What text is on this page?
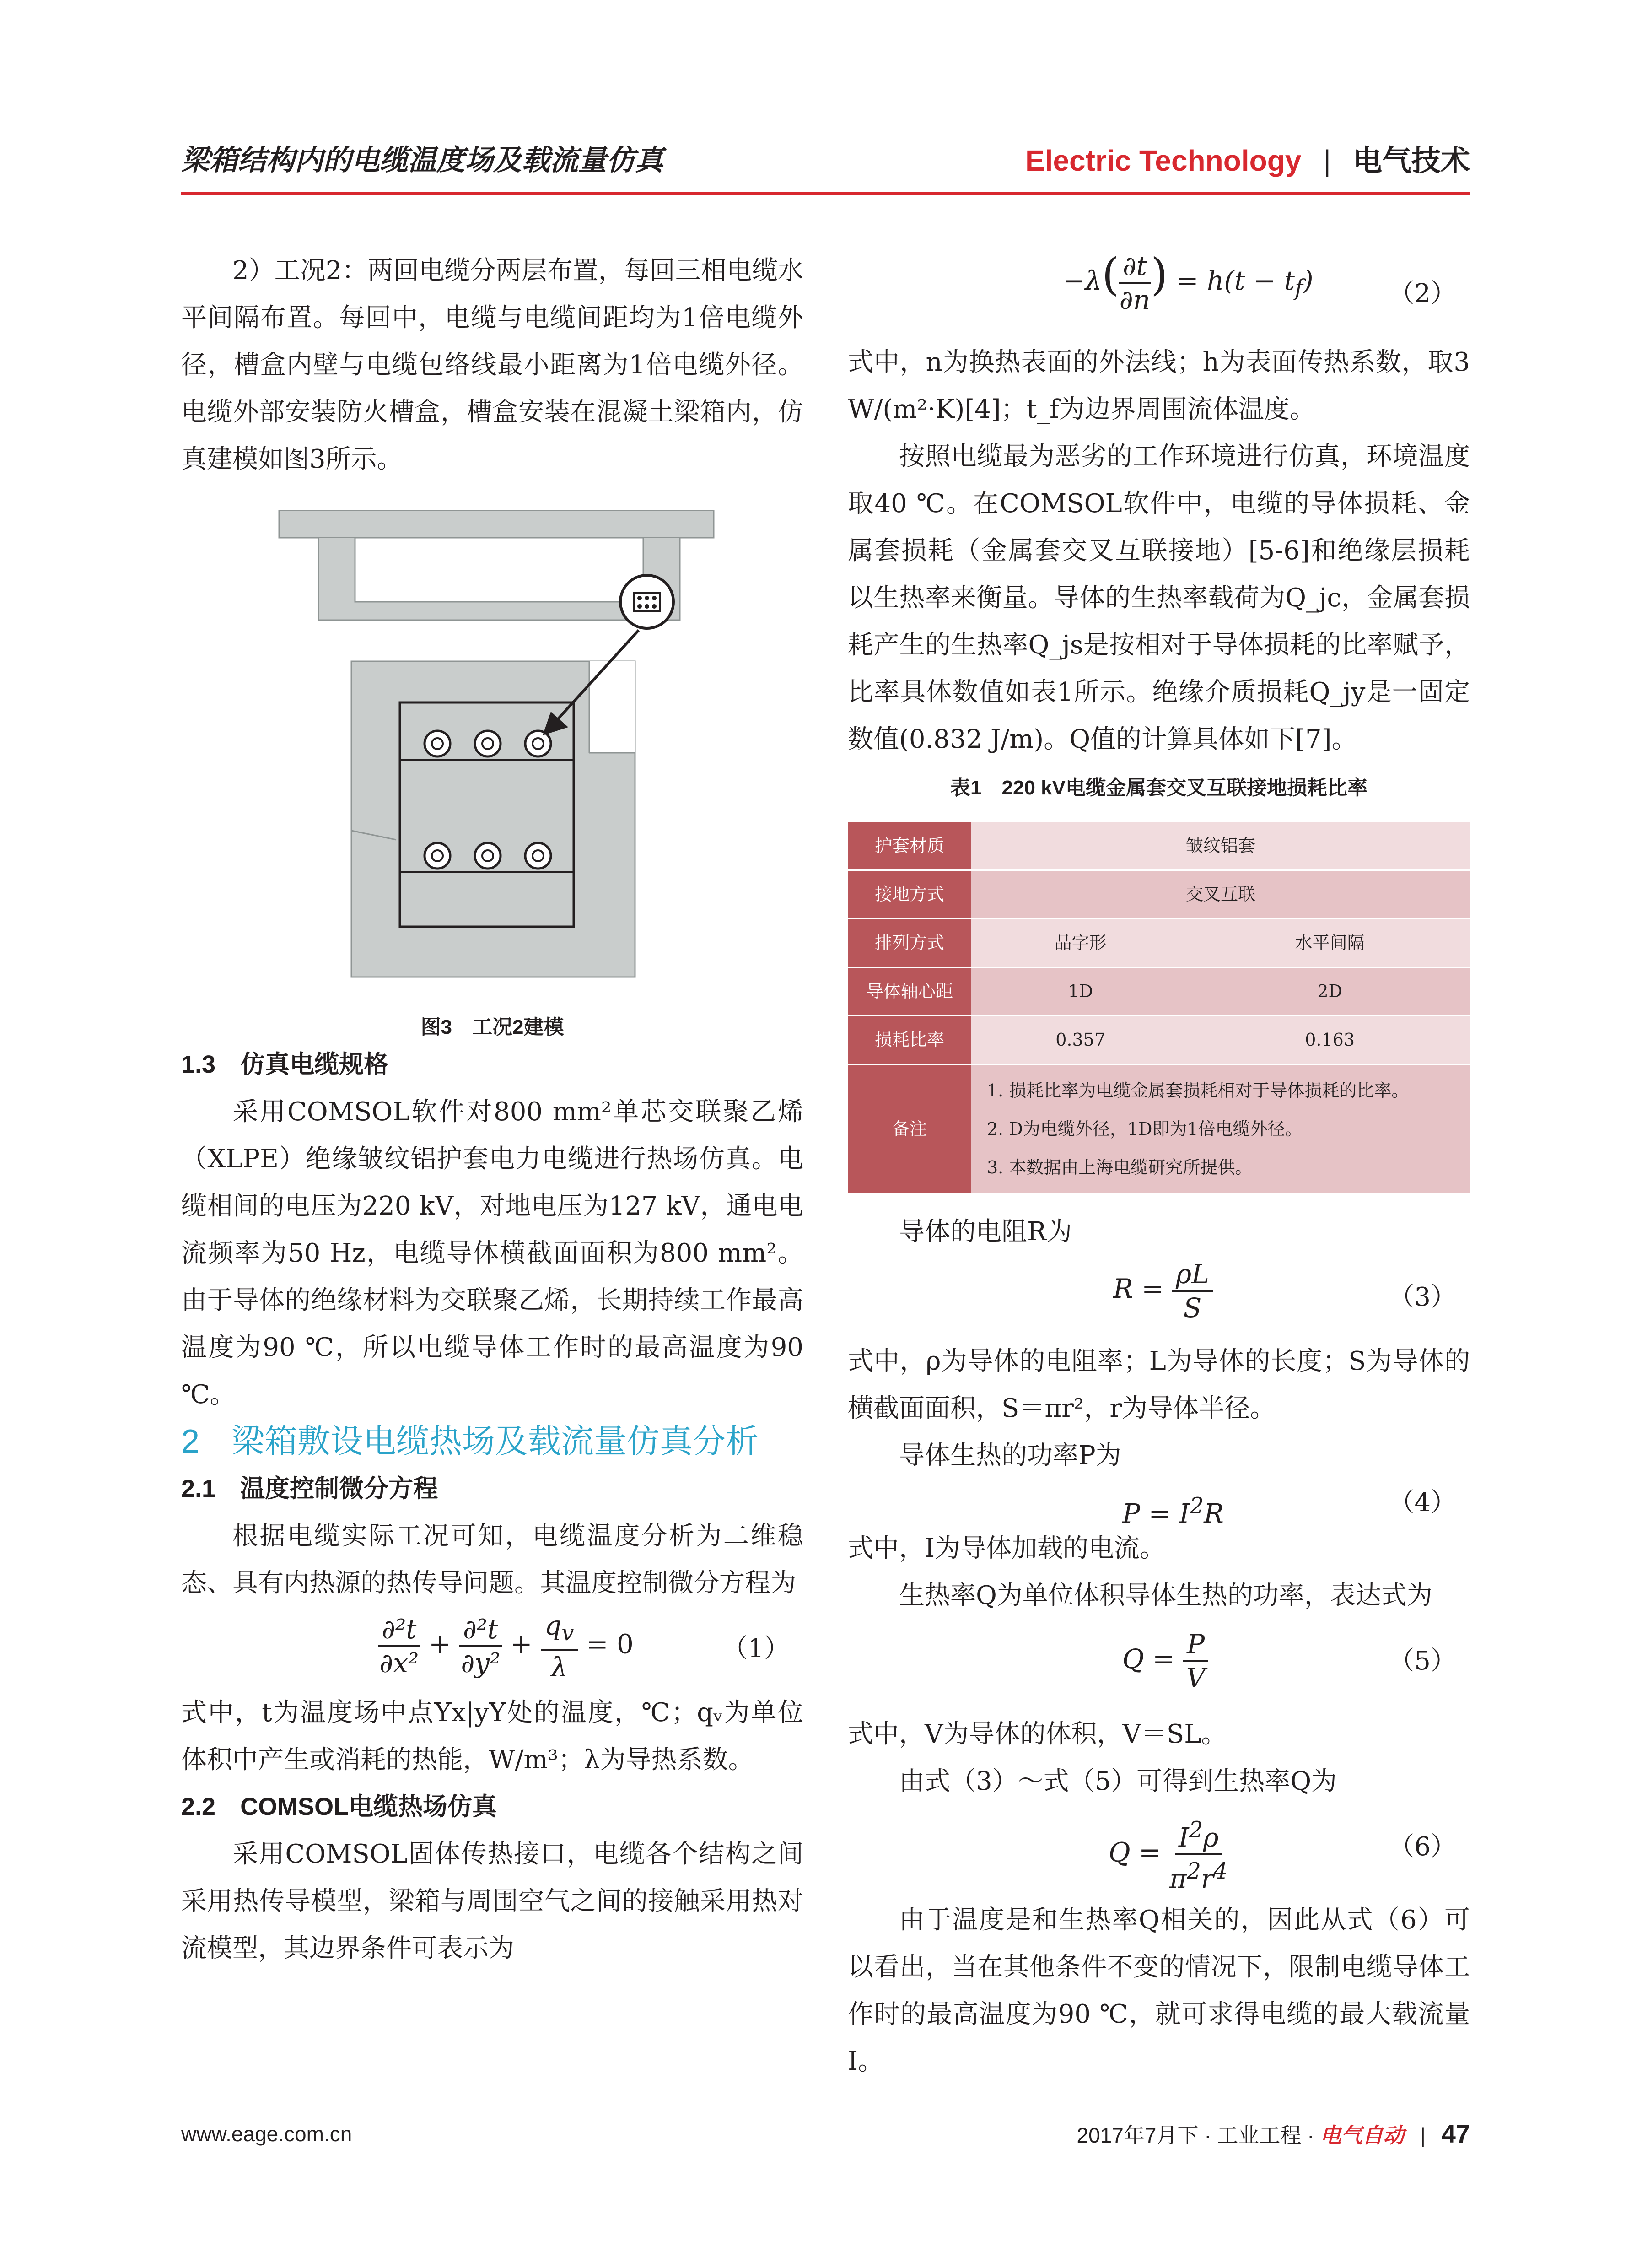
梁箱结构内的电缆温度场及载流量仿真	Electric Technology | 电气技术

2）工况2：两回电缆分两层布置，每回三相电缆水平间隔布置。每回中，电缆与电缆间距均为1倍电缆外径，槽盒内壁与电缆包络线最小距离为1倍电缆外径。电缆外部安装防火槽盒，槽盒安装在混凝土梁箱内，仿真建模如图3所示。

图3　工况2建模

1.3　仿真电缆规格

采用COMSOL软件对800 mm²单芯交联聚乙烯（XLPE）绝缘皱纹铝护套电力电缆进行热场仿真。电缆相间的电压为220 kV，对地电压为127 kV，通电电流频率为50 Hz，电缆导体横截面面积为800 mm²。由于导体的绝缘材料为交联聚乙烯，长期持续工作最高温度为90 ℃，所以电缆导体工作时的最高温度为90 ℃。

2 梁箱敷设电缆热场及载流量仿真分析

2.1　温度控制微分方程

根据电缆实际工况可知，电缆温度分析为二维稳态、具有内热源的热传导问题。其温度控制微分方程为

$\frac{\text{∂²t}}{\text{∂x²}} + \frac{\text{∂²t}}{\text{∂y²}} + \frac{q_v}{\lambda} = 0$	（1）

式中，t为温度场中点Yx|yY处的温度，℃；qᵥ为单位体积中产生或消耗的热能，W/m³；λ为导热系数。

2.2　COMSOL电缆热场仿真

采用COMSOL固体传热接口，电缆各个结构之间采用热传导模型，梁箱与周围空气之间的接触采用热对流模型，其边界条件可表示为

$-\lambda( \frac{\partial t}{\partial n}$ ) = $h(t - t_f)$	（2）

式中，n为换热表面的外法线；h为表面传热系数，取3 W/(m²·K)[4]；t_f为边界周围流体温度。

按照电缆最为恶劣的工作环境进行仿真，环境温度取40 ℃。在COMSOL软件中，电缆的导体损耗、金属套损耗（金属套交叉互联接地）[5-6]和绝缘层损耗以生热率来衡量。导体的生热率载荷为Q_jc，金属套损耗产生的生热率Q_js是按相对于导体损耗的比率赋予，比率具体数值如表1所示。绝缘介质损耗Q_jy是一固定数值(0.832 J/m)。Q值的计算具体如下[7]。

表1　220 kV电缆金属套交叉互联接地损耗比率

护套材质	皱纹铝套	
接地方式	交叉互联	
排列方式	品字形	水平间隔
导体轴心距	1D	2D
损耗比率	0.357	0.163
备注	1. 损耗比率为电缆金属套损耗相对于导体损耗的比率。
2. D为电缆外径，1D即为1倍电缆外径。
3. 本数据由上海电缆研究所提供。	

导体的电阻R为

$R = \frac{\rho L}{S}$	（3）

式中，ρ为导体的电阻率；L为导体的长度；S为导体的横截面面积，S＝πr²，r为导体半径。

导体生热的功率P为

$P = I^2R$	（4）

式中，I为导体加载的电流。

生热率Q为单位体积导体生热的功率，表达式为

$Q = \frac{P}{V}$	（5）

式中，V为导体的体积，V＝SL。

由式（3）～式（5）可得到生热率Q为

$Q = \frac{I^2\rho}{\pi^2r^4}$	（6）

由于温度是和生热率Q相关的，因此从式（6）可以看出，当在其他条件不变的情况下，限制电缆导体工作时的最高温度为90 ℃，就可求得电缆的最大载流量I。

www.eage.com.cn	2017年7月下 · 工业工程 · 电气自动 | 47
